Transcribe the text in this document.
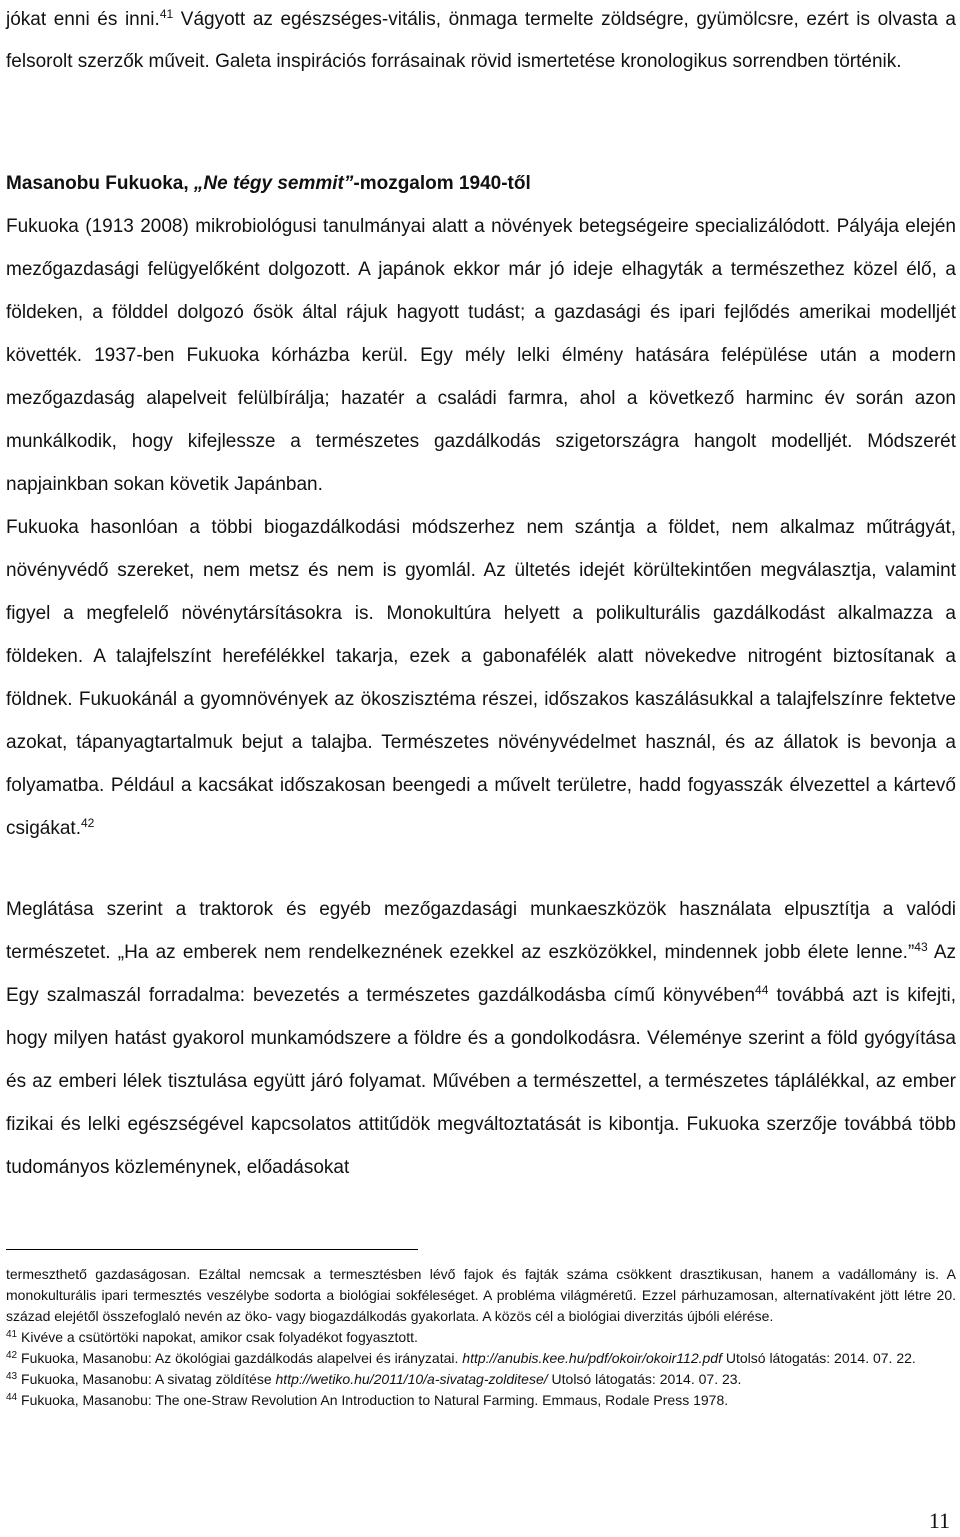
jókat enni és inni.$^{41}$ Vágyott az egészséges-vitális, önmaga termelte zöldségre, gyümölcsre, ezért is olvasta a felsorolt szerzők műveit. Galeta inspirációs forrásainak rövid ismertetése kronologikus sorrendben történik.

Masanobu Fukuoka, „Ne tégy semmit”-mozgalom 1940-től

Fukuoka (1913 2008) mikrobiológusi tanulmányai alatt a növények betegségeire specializálódott. Pályája elején mezőgazdasági felügyelőként dolgozott. A japánok ekkor már jó ideje elhagyták a természethez közel élő, a földeken, a földdel dolgozó ősök által rájuk hagyott tudást; a gazdasági és ipari fejlődés amerikai modelljét követték. 1937-ben Fukuoka kórházba kerül. Egy mély lelki élmény hatására felépülése után a modern mezőgazdaság alapelveit felülbírálja; hazatér a családi farmra, ahol a következő harminc év során azon munkálkodik, hogy kifejlessze a természetes gazdálkodás szigetországra hangolt modelljét. Módszerét napjainkban sokan követik Japánban.

Fukuoka hasonlóan a többi biogazdálkodási módszerhez nem szántja a földet, nem alkalmaz műtrágyát, növényvédő szereket, nem metsz és nem is gyomlál. Az ültetés idejét körültekintően megválasztja, valamint figyel a megfelelő növénytársításokra is. Monokultúra helyett a polikulturális gazdálkodást alkalmazza a földeken. A talajfelszínt herefélékkel takarja, ezek a gabonafélék alatt növekedve nitrogént biztosítanak a földnek. Fukuokánál a gyomnövények az ökoszisztéma részei, időszakos kaszálásukkal a talajfelszínre fektetve azokat, tápanyagtartalmuk bejut a talajba. Természetes növényvédelmet használ, és az állatok is bevonja a folyamatba. Például a kacsákat időszakosan beengedi a művelt területre, hadd fogyasszák élvezettel a kártevő csigákat.$^{42}$

Meglátása szerint a traktorok és egyéb mezőgazdasági munkaeszközök használata elpusztítja a valódi természetet. „Ha az emberek nem rendelkeznének ezekkel az eszközökkel, mindennek jobb élete lenne.”$^{43}$ Az Egy szalmaszál forradalma: bevezetés a természetes gazdálkodásba című könyvében$^{44}$ továbbá azt is kifejti, hogy milyen hatást gyakorol munkamódszere a földre és a gondolkodásra. Véleménye szerint a föld gyógyítása és az emberi lélek tisztulása együtt járó folyamat. Művében a természettel, a természetes táplálékkal, az ember fizikai és lelki egészségével kapcsolatos attitűdök megváltoztatását is kibontja. Fukuoka szerzője továbbá több tudományos közleménynek, előadásokat

termeszthető gazdaságosan. Ezáltal nemcsak a termesztésben lévő fajok és fajták száma csökkent drasztikusan, hanem a vadállomány is. A monokulturális ipari termesztés veszélybe sodorta a biológiai sokféleséget. A probléma világméretű. Ezzel párhuzamosan, alternatívaként jött létre 20. század elejétől összefoglaló nevén az öko- vagy biogazdálkodás gyakorlata. A közös cél a biológiai diverzitás újbóli elérése.

$^{41}$ Kivéve a csütörtöki napokat, amikor csak folyadékot fogyasztott.

$^{42}$ Fukuoka, Masanobu: Az ökológiai gazdálkodás alapelvei és irányzatai. http://anubis.kee.hu/pdf/okoir/okoir112.pdf Utolsó látogatás: 2014. 07. 22.

$^{43}$ Fukuoka, Masanobu: A sivatag zöldítése http://wetiko.hu/2011/10/a-sivatag-zolditese/ Utolsó látogatás: 2014. 07. 23.

$^{44}$ Fukuoka, Masanobu: The one-Straw Revolution An Introduction to Natural Farming. Emmaus, Rodale Press 1978.

11
